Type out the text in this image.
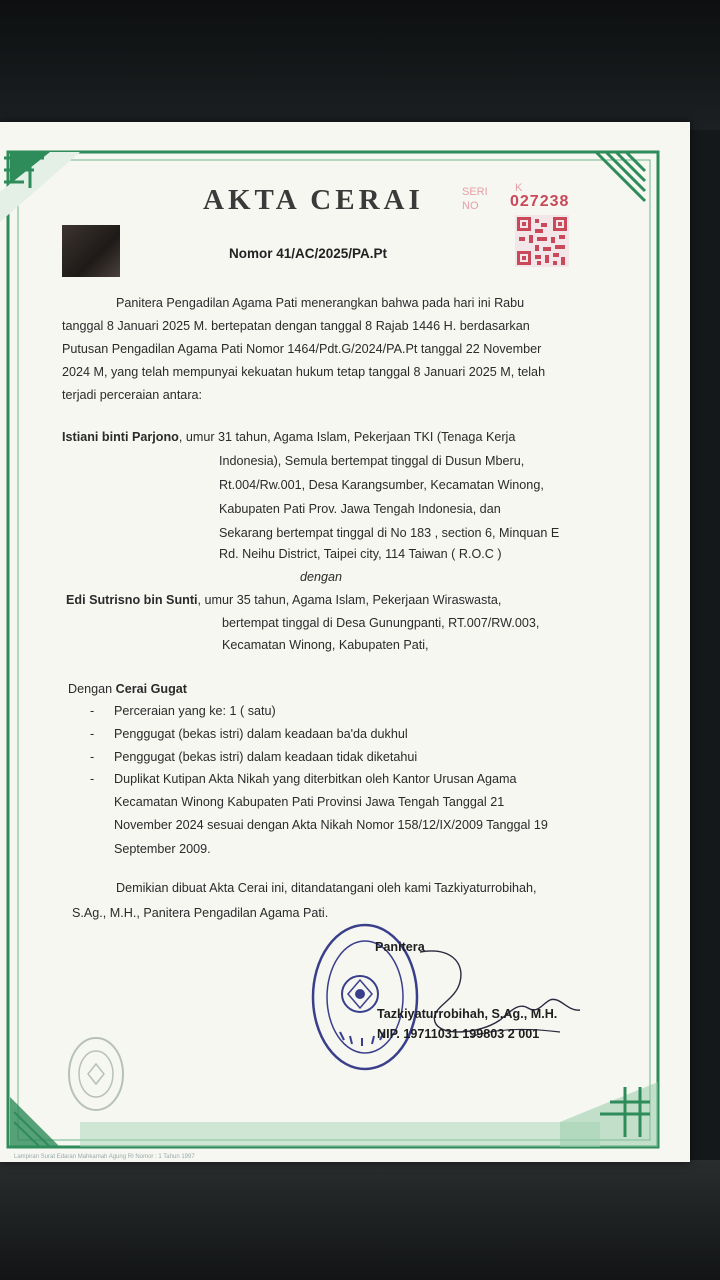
AKTA CERAI	SERI
NO
K
027238
Nomor 41/AC/2025/PA.Pt
Panitera Pengadilan Agama Pati menerangkan bahwa pada hari ini Rabu
tanggal 8 Januari 2025 M. bertepatan dengan tanggal 8 Rajab 1446 H. berdasarkan
Putusan Pengadilan Agama Pati Nomor 1464/Pdt.G/2024/PA.Pt tanggal 22 November
2024 M, yang telah mempunyai kekuatan hukum tetap tanggal 8 Januari 2025 M, telah
terjadi perceraian antara:
Istiani binti Parjono, umur 31 tahun, Agama Islam, Pekerjaan TKI (Tenaga Kerja
Indonesia), Semula bertempat tinggal di Dusun Mberu,
Rt.004/Rw.001, Desa Karangsumber, Kecamatan Winong,
Kabupaten Pati Prov. Jawa Tengah Indonesia, dan
Sekarang bertempat tinggal di No 183 , section 6, Minquan E
Rd. Neihu District, Taipei city, 114 Taiwan ( R.O.C )
dengan
Edi Sutrisno bin Sunti, umur 35 tahun, Agama Islam, Pekerjaan Wiraswasta,
bertempat tinggal di Desa Gunungpanti, RT.007/RW.003,
Kecamatan Winong, Kabupaten Pati,
Dengan Cerai Gugat
- Perceraian yang ke: 1 ( satu)
- Penggugat (bekas istri) dalam keadaan ba'da dukhul
- Penggugat (bekas istri) dalam keadaan tidak diketahui
- Duplikat Kutipan Akta Nikah yang diterbitkan oleh Kantor Urusan Agama
Kecamatan Winong Kabupaten Pati Provinsi Jawa Tengah Tanggal 21
November 2024 sesuai dengan Akta Nikah Nomor 158/12/IX/2009 Tanggal 19
September 2009.
Demikian dibuat Akta Cerai ini, ditandatangani oleh kami Tazkiyaturrobihah,
S.Ag., M.H., Panitera Pengadilan Agama Pati.
Panitera
Tazkiyaturrobihah, S.Ag., M.H.
NIP. 19711031 199803 2 001
Lampiran Surat Edaran Mahkamah Agung RI Nomor : 1 Tahun 1997
